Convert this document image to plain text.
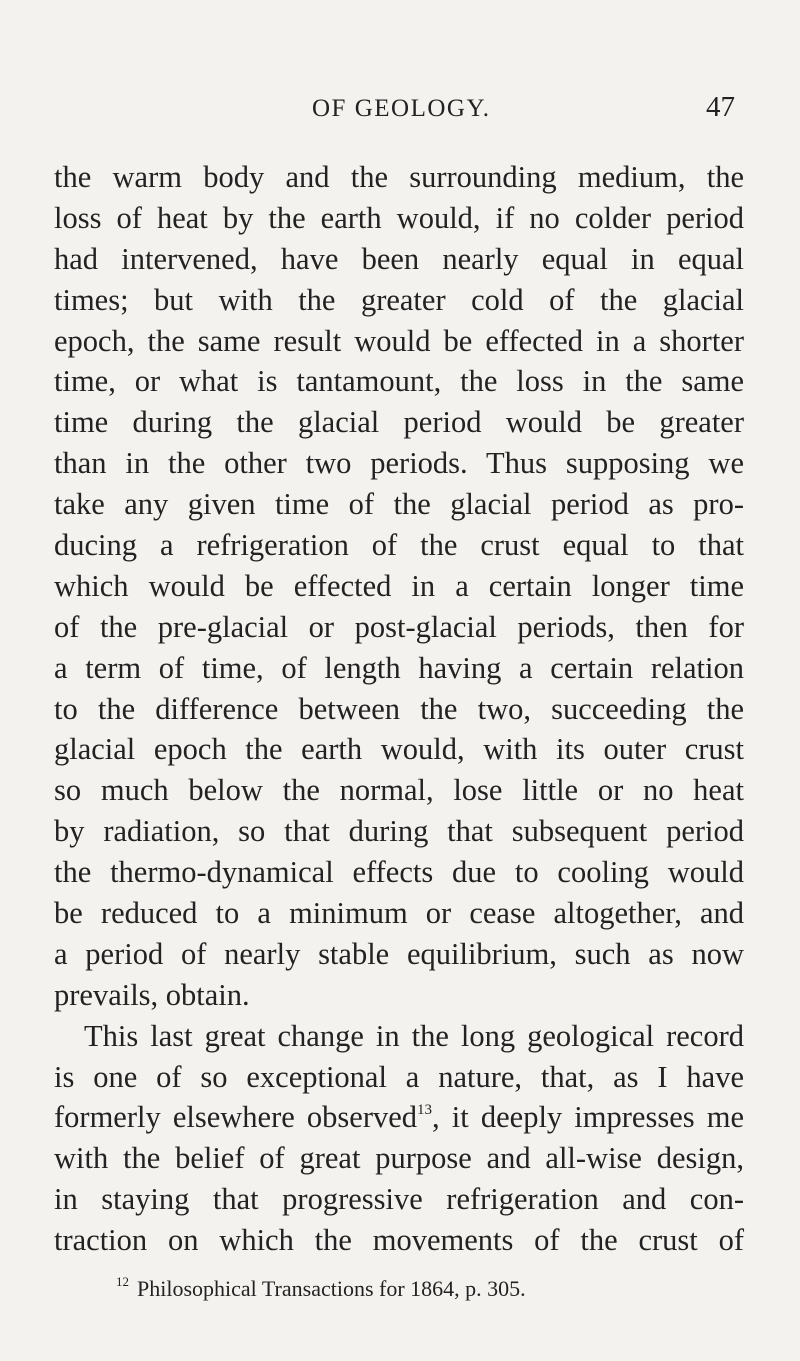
OF GEOLOGY.	47
the warm body and the surrounding medium, the
loss of heat by the earth would, if no colder period
had intervened, have been nearly equal in equal
times; but with the greater cold of the glacial
epoch, the same result would be effected in a shorter
time, or what is tantamount, the loss in the same
time during the glacial period would be greater
than in the other two periods. Thus supposing we
take any given time of the glacial period as pro-
ducing a refrigeration of the crust equal to that
which would be effected in a certain longer time
of the pre-glacial or post-glacial periods, then for
a term of time, of length having a certain relation
to the difference between the two, succeeding the
glacial epoch the earth would, with its outer crust
so much below the normal, lose little or no heat
by radiation, so that during that subsequent period
the thermo-dynamical effects due to cooling would
be reduced to a minimum or cease altogether, and
a period of nearly stable equilibrium, such as now
prevails, obtain.
This last great change in the long geological record
is one of so exceptional a nature, that, as I have
formerly elsewhere observed$^{13}$, it deeply impresses me
with the belief of great purpose and all-wise design,
in staying that progressive refrigeration and con-
traction on which the movements of the crust of
$^{12}$ Philosophical Transactions for 1864, p. 305.
